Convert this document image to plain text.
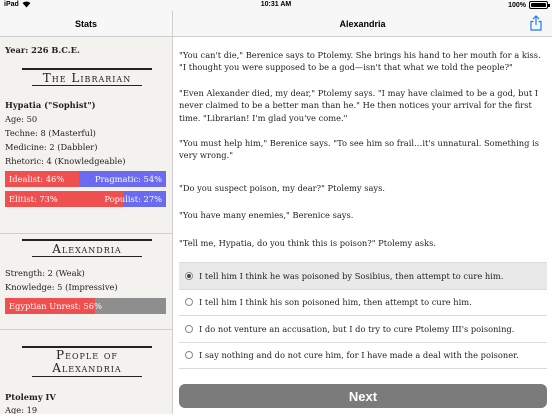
iPad	10:31 AM	100%
Stats	Alexandria
Year: 226 B.C.E.
The Librarian
Hypatia ("Sophist")
Age: 50
Techne: 8 (Masterful)
Medicine: 2 (Dabbler)
Rhetoric: 4 (Knowledgeable)
Idealist: 46%	Pragmatic: 54%
Elitist: 73%	Populist: 27%
Alexandria
Strength: 2 (Weak)
Knowledge: 5 (Impressive)
Egyptian Unrest: 56%
People of
Alexandria
Ptolemy IV
Age: 19
"You can't die," Berenice says to Ptolemy. She brings his hand to her mouth for a kiss. "I thought you were supposed to be a god—isn't that what we told the people?"
"Even Alexander died, my dear," Ptolemy says. "I may have claimed to be a god, but I never claimed to be a better man than he." He then notices your arrival for the first time. "Librarian! I'm glad you've come."
"You must help him," Berenice says. "To see him so frail…it's unnatural. Something is very wrong."
"Do you suspect poison, my dear?" Ptolemy says.
"You have many enemies," Berenice says.
"Tell me, Hypatia, do you think this is poison?" Ptolemy asks.
I tell him I think he was poisoned by Sosibius, then attempt to cure him.
I tell him I think his son poisoned him, then attempt to cure him.
I do not venture an accusation, but I do try to cure Ptolemy III's poisoning.
I say nothing and do not cure him, for I have made a deal with the poisoner.
Next
